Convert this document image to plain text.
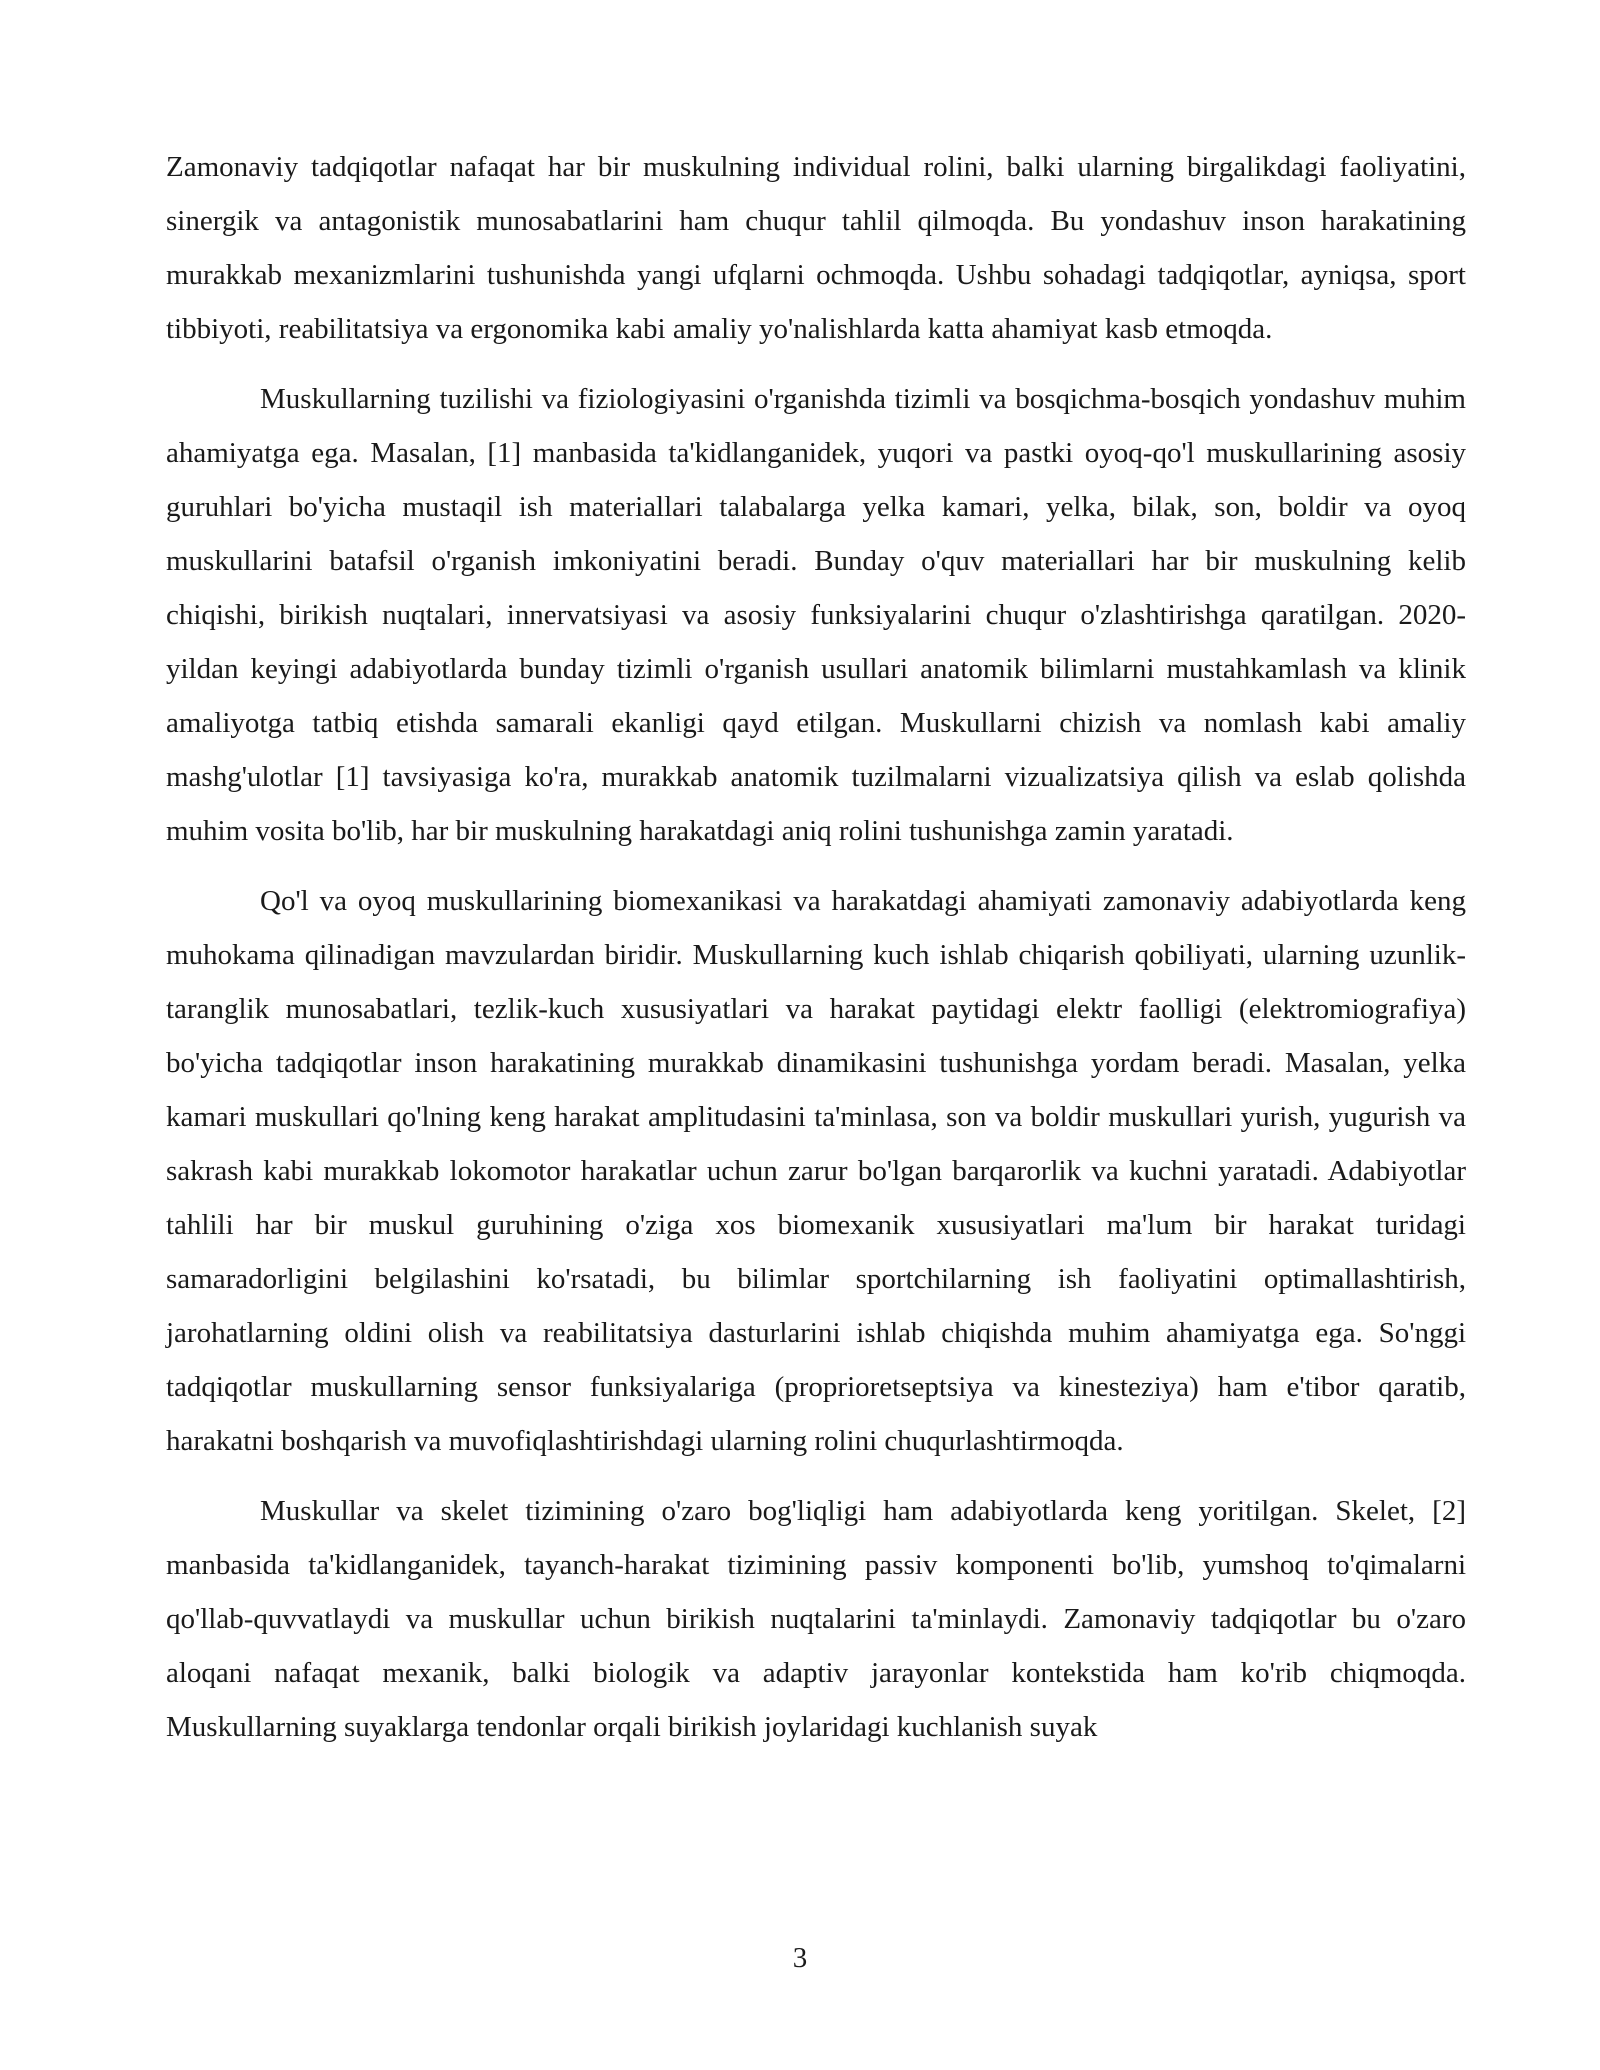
Zamonaviy tadqiqotlar nafaqat har bir muskulning individual rolini, balki ularning birgalikdagi faoliyatini, sinergik va antagonistik munosabatlarini ham chuqur tahlil qilmoqda. Bu yondashuv inson harakatining murakkab mexanizmlarini tushunishda yangi ufqlarni ochmoqda. Ushbu sohadagi tadqiqotlar, ayniqsa, sport tibbiyoti, reabilitatsiya va ergonomika kabi amaliy yo'nalishlarda katta ahamiyat kasb etmoqda.

Muskullarning tuzilishi va fiziologiyasini o'rganishda tizimli va bosqichma-bosqich yondashuv muhim ahamiyatga ega. Masalan, [1] manbasida ta'kidlanganidek, yuqori va pastki oyoq-qo'l muskullarining asosiy guruhlari bo'yicha mustaqil ish materiallari talabalarga yelka kamari, yelka, bilak, son, boldir va oyoq muskullarini batafsil o'rganish imkoniyatini beradi. Bunday o'quv materiallari har bir muskulning kelib chiqishi, birikish nuqtalari, innervatsiyasi va asosiy funksiyalarini chuqur o'zlashtirishga qaratilgan. 2020-yildan keyingi adabiyotlarda bunday tizimli o'rganish usullari anatomik bilimlarni mustahkamlash va klinik amaliyotga tatbiq etishda samarali ekanligi qayd etilgan. Muskullarni chizish va nomlash kabi amaliy mashg'ulotlar [1] tavsiyasiga ko'ra, murakkab anatomik tuzilmalarni vizualizatsiya qilish va eslab qolishda muhim vosita bo'lib, har bir muskulning harakatdagi aniq rolini tushunishga zamin yaratadi.

Qo'l va oyoq muskullarining biomexanikasi va harakatdagi ahamiyati zamonaviy adabiyotlarda keng muhokama qilinadigan mavzulardan biridir. Muskullarning kuch ishlab chiqarish qobiliyati, ularning uzunlik-taranglik munosabatlari, tezlik-kuch xususiyatlari va harakat paytidagi elektr faolligi (elektromiografiya) bo'yicha tadqiqotlar inson harakatining murakkab dinamikasini tushunishga yordam beradi. Masalan, yelka kamari muskullari qo'lning keng harakat amplitudasini ta'minlasa, son va boldir muskullari yurish, yugurish va sakrash kabi murakkab lokomotor harakatlar uchun zarur bo'lgan barqarorlik va kuchni yaratadi. Adabiyotlar tahlili har bir muskul guruhining o'ziga xos biomexanik xususiyatlari ma'lum bir harakat turidagi samaradorligini belgilashini ko'rsatadi, bu bilimlar sportchilarning ish faoliyatini optimallashtirish, jarohatlarning oldini olish va reabilitatsiya dasturlarini ishlab chiqishda muhim ahamiyatga ega. So'nggi tadqiqotlar muskullarning sensor funksiyalariga (proprioretseptsiya va kinesteziya) ham e'tibor qaratib, harakatni boshqarish va muvofiqlashtirishdagi ularning rolini chuqurlashtirmoqda.

Muskullar va skelet tizimining o'zaro bog'liqligi ham adabiyotlarda keng yoritilgan. Skelet, [2] manbasida ta'kidlanganidek, tayanch-harakat tizimining passiv komponenti bo'lib, yumshoq to'qimalarni qo'llab-quvvatlaydi va muskullar uchun birikish nuqtalarini ta'minlaydi. Zamonaviy tadqiqotlar bu o'zaro aloqani nafaqat mexanik, balki biologik va adaptiv jarayonlar kontekstida ham ko'rib chiqmoqda. Muskullarning suyaklarga tendonlar orqali birikish joylaridagi kuchlanish suyak

3
